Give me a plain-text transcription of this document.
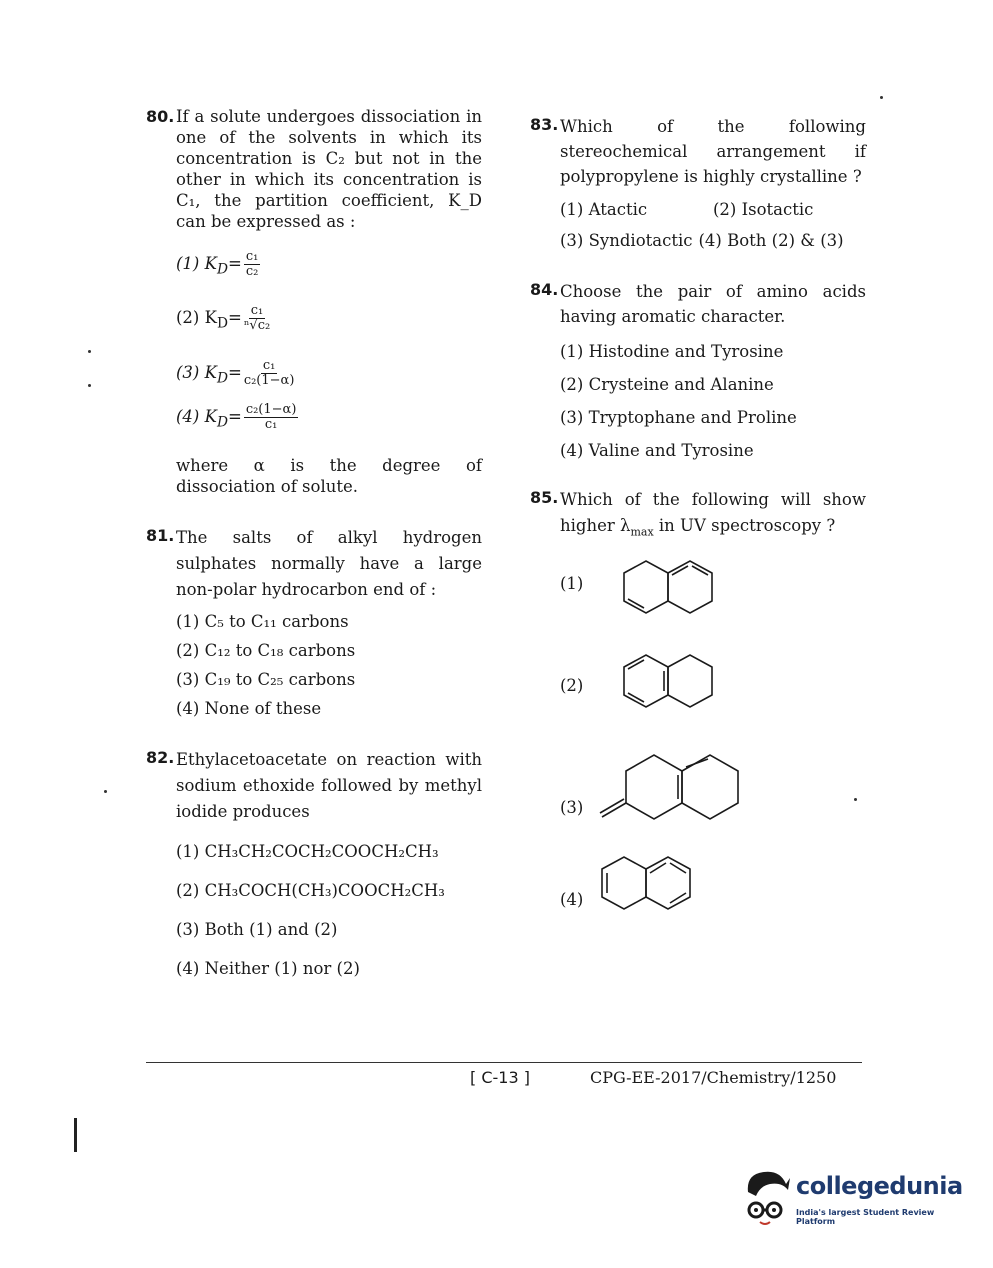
80. If a solute undergoes dissociation in one of the solvents in which its concentration is C₂ but not in the other in which its concentration is C₁, the partition coefficient, K_D can be expressed as :
(1) $K_D= \frac{\text{c₁}}{\text{c₂}}$
(2) $K_D= \frac{\text{c₁}}{\text{ⁿ√c₂}}$
(3) $K_D= \frac{\text{c₁}}{\text{c₂(1−α)}}$
(4) $K_D= \frac{\text{c₂(1−α)}}{\text{c₁}}$
where α is the degree of dissociation of solute.
81. The salts of alkyl hydrogen sulphates normally have a large non-polar hydrocarbon end of :
(1) C₅ to C₁₁ carbons
(2) C₁₂ to C₁₈ carbons
(3) C₁₉ to C₂₅ carbons
(4) None of these
82. Ethylacetoacetate on reaction with sodium ethoxide followed by methyl iodide produces
(1) CH₃CH₂COCH₂COOCH₂CH₃
(2) CH₃COCH(CH₃)COOCH₂CH₃
(3) Both (1) and (2)
(4) Neither (1) nor (2)
83. Which of the following stereochemical arrangement if polypropylene is highly crystalline ?
(1) Atactic	(2) Isotactic
(3) Syndiotactic (4) Both (2) & (3)
84. Choose the pair of amino acids having aromatic character.
(1) Histodine and Tyrosine
(2) Crysteine and Alanine
(3) Tryptophane and Proline
(4) Valine and Tyrosine
85. Which of the following will show higher $\lambda_{max}$ in UV spectroscopy ?
(1)
(2)
(3)
(4)
[ C-13 ]	CPG-EE-2017/Chemistry/1250
collegedunia
India's largest Student Review Platform
